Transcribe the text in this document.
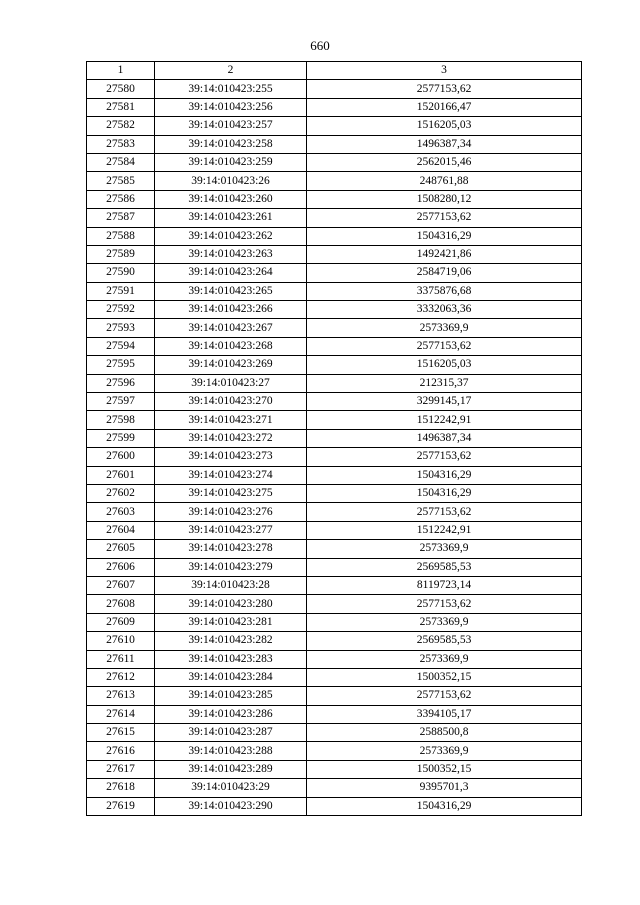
660
1	2	3
27580	39:14:010423:255	2577153,62
27581	39:14:010423:256	1520166,47
27582	39:14:010423:257	1516205,03
27583	39:14:010423:258	1496387,34
27584	39:14:010423:259	2562015,46
27585	39:14:010423:26	248761,88
27586	39:14:010423:260	1508280,12
27587	39:14:010423:261	2577153,62
27588	39:14:010423:262	1504316,29
27589	39:14:010423:263	1492421,86
27590	39:14:010423:264	2584719,06
27591	39:14:010423:265	3375876,68
27592	39:14:010423:266	3332063,36
27593	39:14:010423:267	2573369,9
27594	39:14:010423:268	2577153,62
27595	39:14:010423:269	1516205,03
27596	39:14:010423:27	212315,37
27597	39:14:010423:270	3299145,17
27598	39:14:010423:271	1512242,91
27599	39:14:010423:272	1496387,34
27600	39:14:010423:273	2577153,62
27601	39:14:010423:274	1504316,29
27602	39:14:010423:275	1504316,29
27603	39:14:010423:276	2577153,62
27604	39:14:010423:277	1512242,91
27605	39:14:010423:278	2573369,9
27606	39:14:010423:279	2569585,53
27607	39:14:010423:28	8119723,14
27608	39:14:010423:280	2577153,62
27609	39:14:010423:281	2573369,9
27610	39:14:010423:282	2569585,53
27611	39:14:010423:283	2573369,9
27612	39:14:010423:284	1500352,15
27613	39:14:010423:285	2577153,62
27614	39:14:010423:286	3394105,17
27615	39:14:010423:287	2588500,8
27616	39:14:010423:288	2573369,9
27617	39:14:010423:289	1500352,15
27618	39:14:010423:29	9395701,3
27619	39:14:010423:290	1504316,29
